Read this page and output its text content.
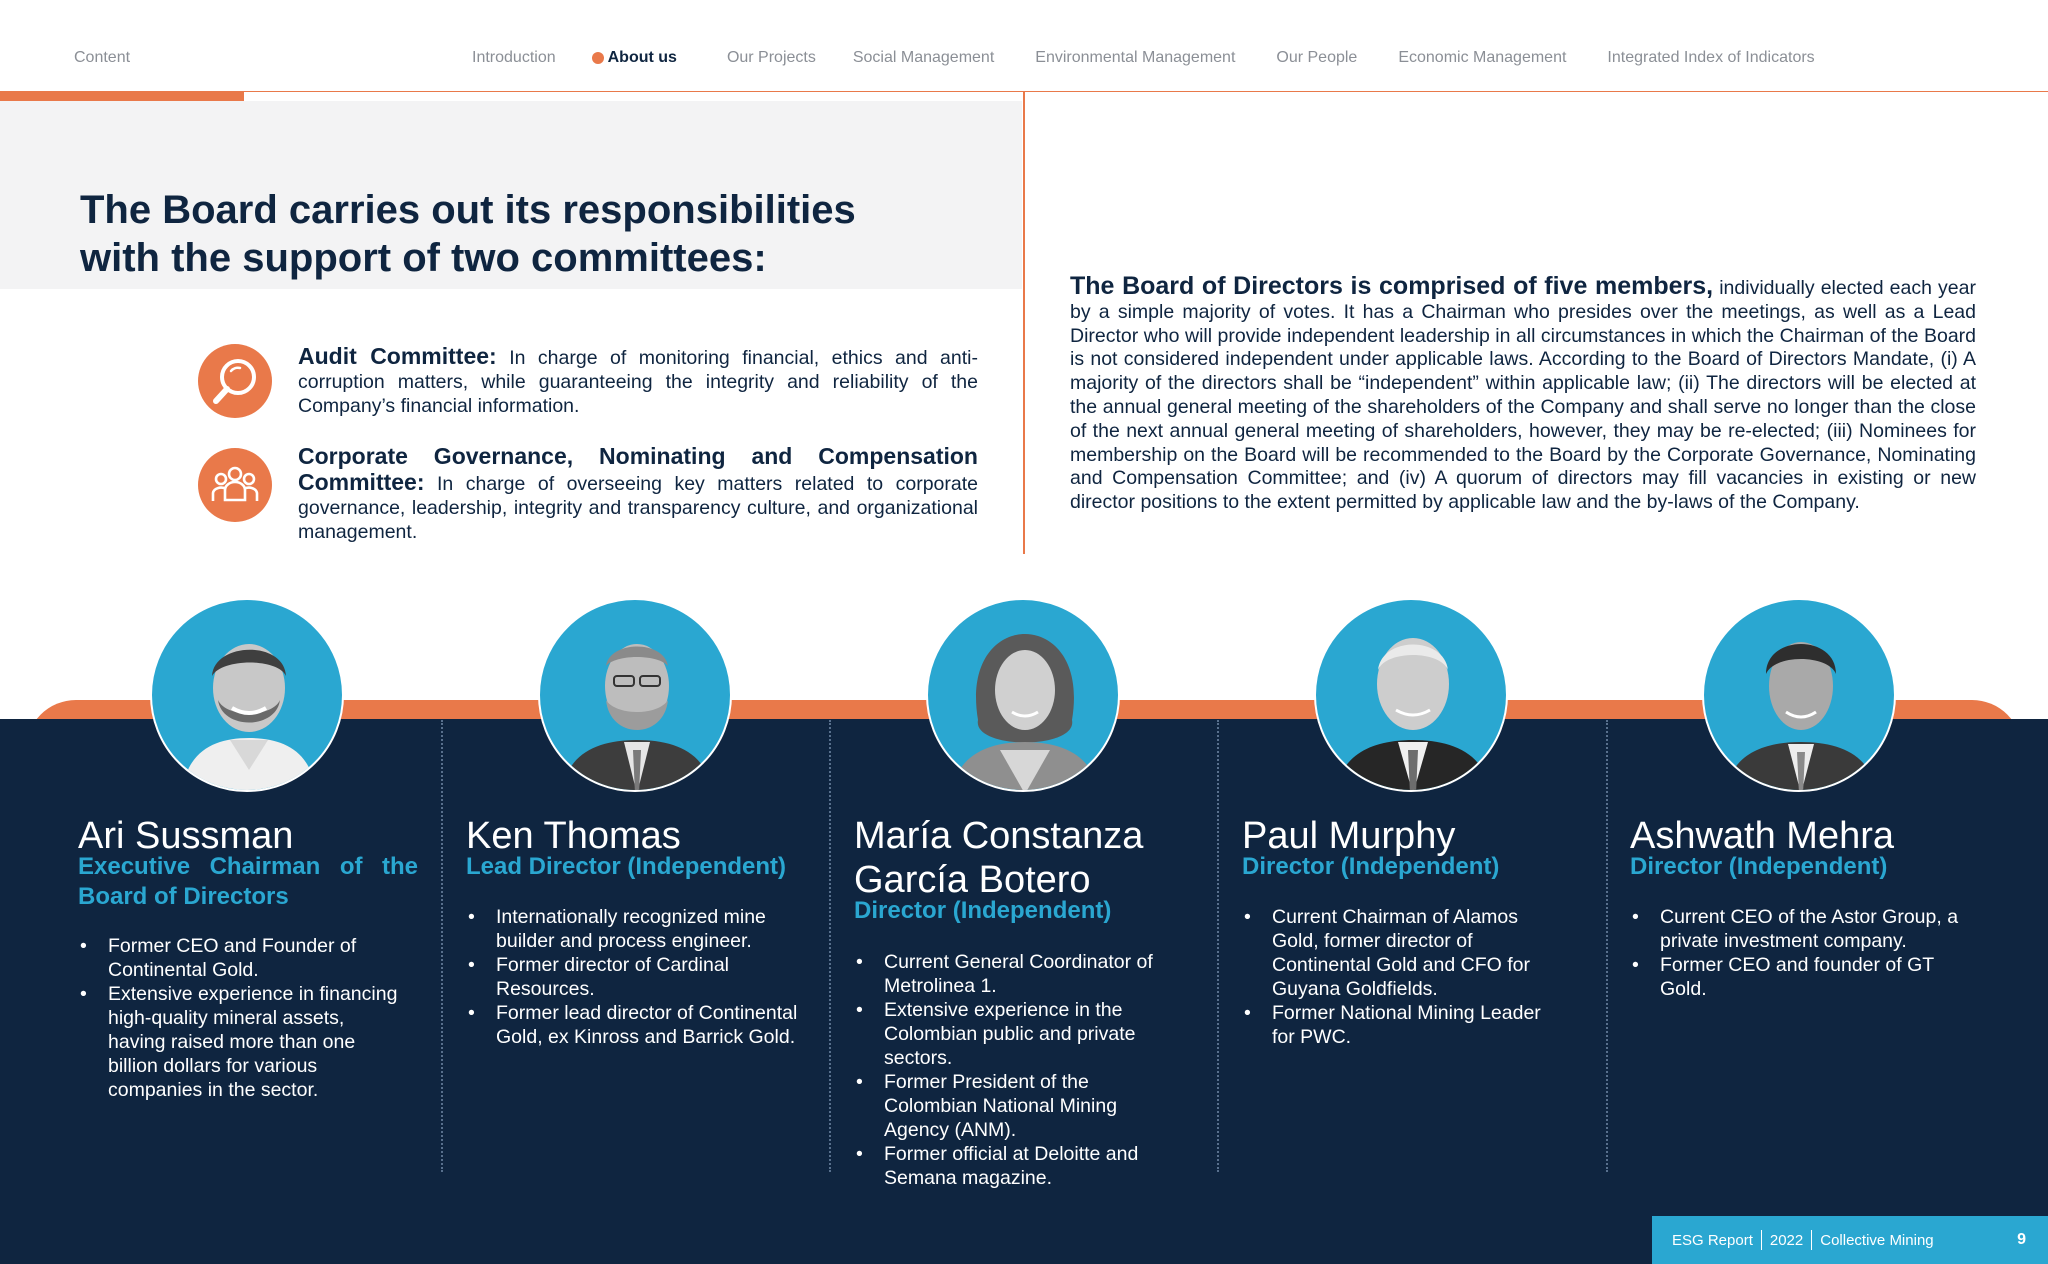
Content	Introduction	About us	Our Projects Social Management	Environmental Management	Our People	Economic Management	Integrated Index of Indicators
The Board carries out its responsibilities
with the support of two committees:

Audit Committee: In charge of monitoring financial, ethics and anti-corruption matters, while guaranteeing the integrity and reliability of the Company’s financial information.

Corporate Governance, Nominating and Compensation Committee: In charge of overseeing key matters related to corporate governance, leadership, integrity and transparency culture, and organizational management.

The Board of Directors is comprised of five members, individually elected each year by a simple majority of votes. It has a Chairman who presides over the meetings, as well as a Lead Director who will provide independent leadership in all circumstances in which the Chairman of the Board is not considered independent under applicable laws. According to the Board of Directors Mandate, (i) A majority of the directors shall be “independent” within applicable law; (ii) The directors will be elected at the annual general meeting of the shareholders of the Company and shall serve no longer than the close of the next annual general meeting of shareholders, however, they may be re-elected; (iii) Nominees for membership on the Board will be recommended to the Board by the Corporate Governance, Nominating and Compensation Committee; and (iv) A quorum of directors may fill vacancies in existing or new director positions to the extent permitted by applicable law and the by-laws of the Company.

Ari Sussman
Executive Chairman of the Board of Directors
• Former CEO and Founder of Continental Gold.
• Extensive experience in financing high-quality mineral assets, having raised more than one billion dollars for various companies in the sector.
Ken Thomas
Lead Director (Independent)
• Internationally recognized mine builder and process engineer.
• Former director of Cardinal Resources.
• Former lead director of Continental Gold, ex Kinross and Barrick Gold.
María Constanza
García Botero
Director (Independent)
• Current General Coordinator of Metrolinea 1.
• Extensive experience in the Colombian public and private sectors.
• Former President of the Colombian National Mining Agency (ANM).
• Former official at Deloitte and Semana magazine.
Paul Murphy
Director (Independent)
• Current Chairman of Alamos Gold, former director of Continental Gold and CFO for Guyana Goldfields.
• Former National Mining Leader for PWC.
Ashwath Mehra
Director (Independent)
• Current CEO of the Astor Group, a private investment company.
• Former CEO and founder of GT Gold.
ESG Report	2022	Collective Mining	9
